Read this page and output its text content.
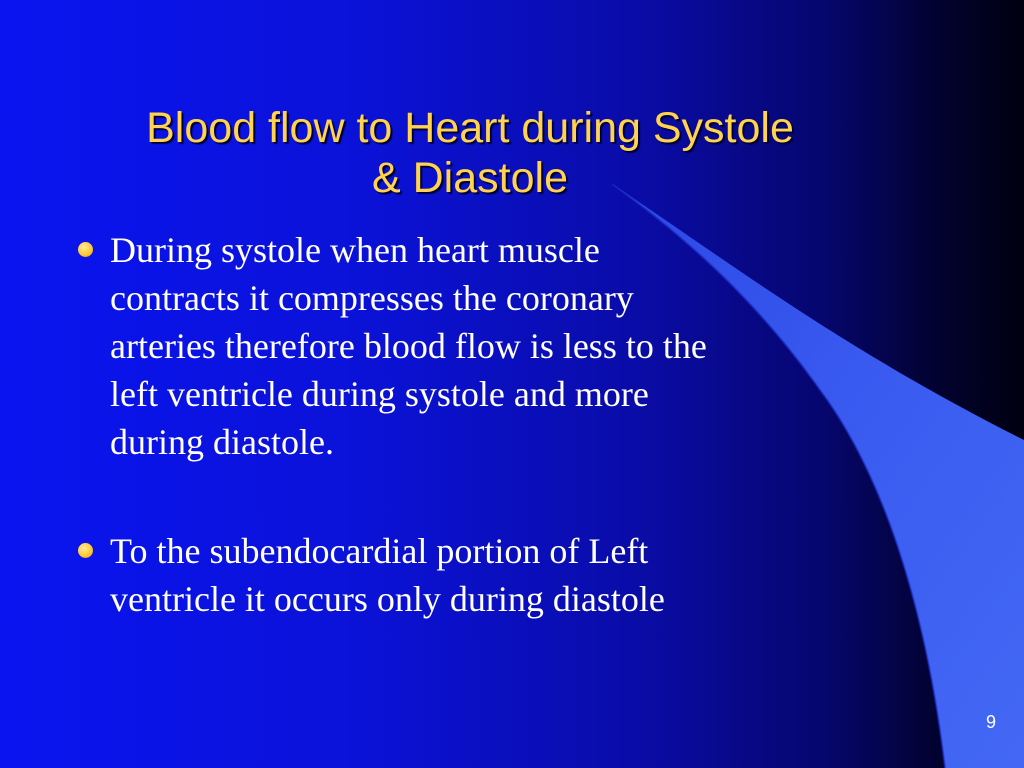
Blood flow to Heart during Systole
& Diastole
During systole when heart muscle
contracts it compresses the coronary
arteries therefore blood flow is less to the
left ventricle during systole and more
during diastole.
To the subendocardial portion of Left
ventricle it occurs only during diastole
9
